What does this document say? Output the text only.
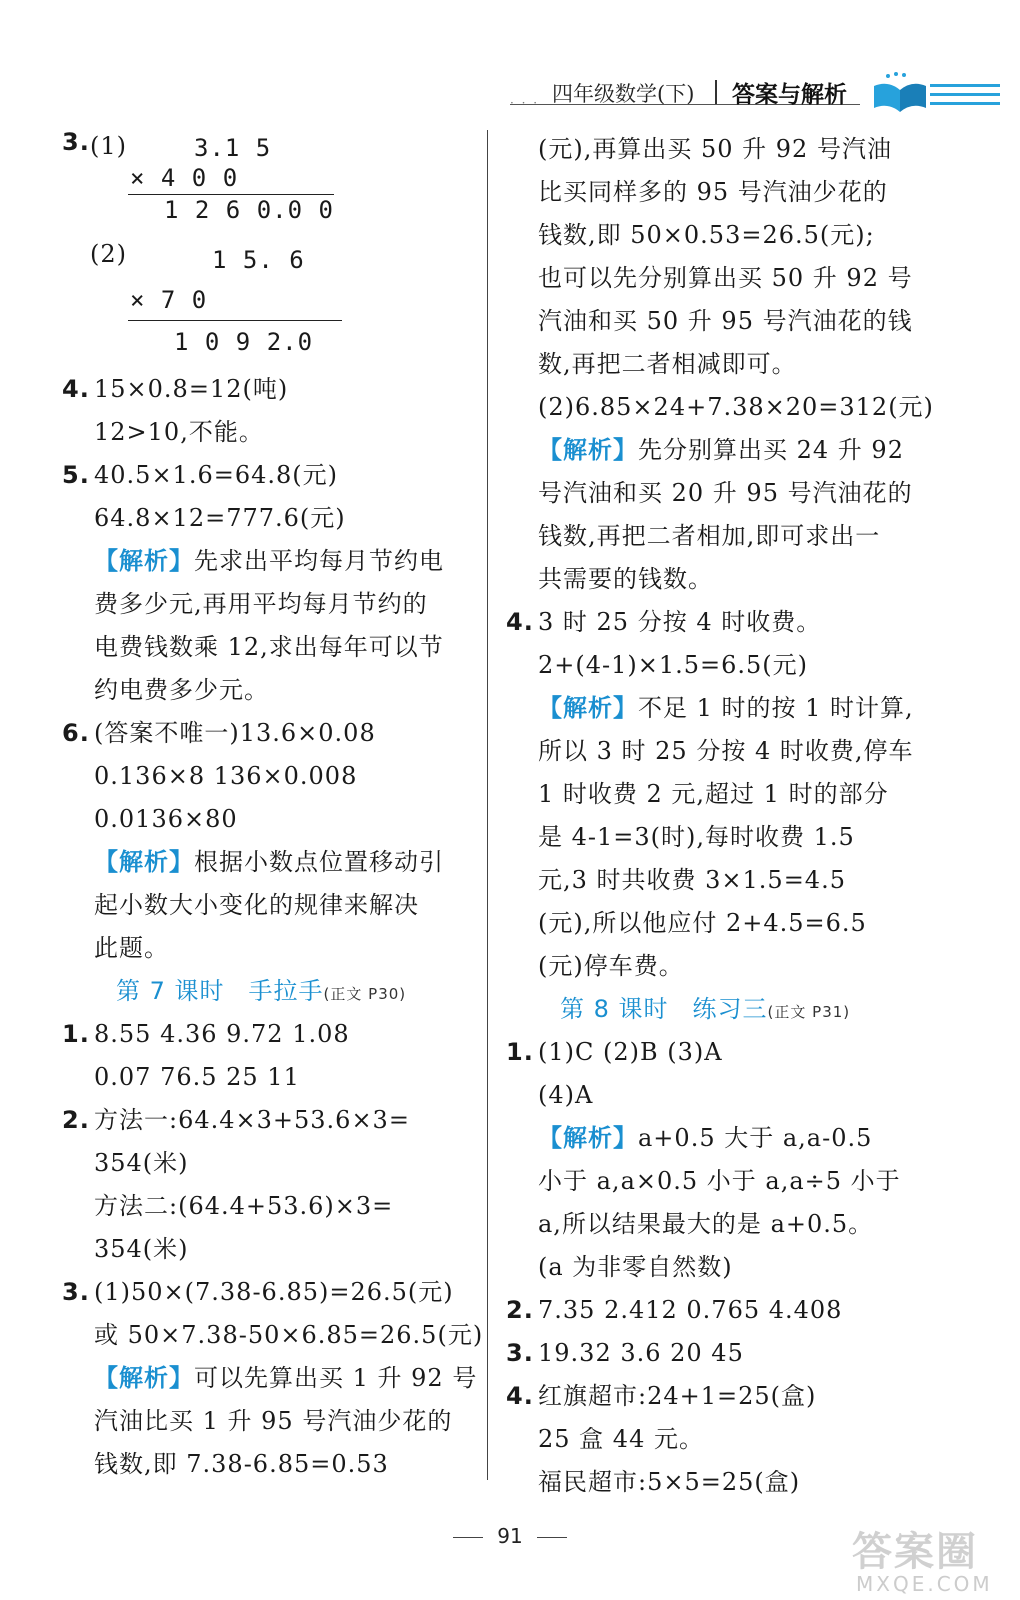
· · · 四年级数学(下) 答案与解析
3. (1)	3.1 5
× 4 0 0
1 2 6 0.0 0
(2)	1 5. 6
× 7 0
1 0 9 2.0
4. 15×0.8=12(吨)
12>10,不能。
5. 40.5×1.6=64.8(元)
64.8×12=777.6(元)
【解析】先求出平均每月节约电
费多少元,再用平均每月节约的
电费钱数乘 12,求出每年可以节
约电费多少元。
6. (答案不唯一)13.6×0.08
0.136×8 136×0.008
0.0136×80
【解析】根据小数点位置移动引
起小数大小变化的规律来解决
此题。
第 7 课时 手拉手(正文 P30)
1. 8.55 4.36 9.72 1.08
0.07 76.5 25 11
2. 方法一:64.4×3+53.6×3=
354(米)
方法二:(64.4+53.6)×3=
354(米)
3. (1)50×(7.38-6.85)=26.5(元)
或 50×7.38-50×6.85=26.5(元)
【解析】可以先算出买 1 升 92 号
汽油比买 1 升 95 号汽油少花的
钱数,即 7.38-6.85=0.53
(元),再算出买 50 升 92 号汽油
比买同样多的 95 号汽油少花的
钱数,即 50×0.53=26.5(元);
也可以先分别算出买 50 升 92 号
汽油和买 50 升 95 号汽油花的钱
数,再把二者相减即可。
(2)6.85×24+7.38×20=312(元)
【解析】先分别算出买 24 升 92
号汽油和买 20 升 95 号汽油花的
钱数,再把二者相加,即可求出一
共需要的钱数。
4. 3 时 25 分按 4 时收费。
2+(4-1)×1.5=6.5(元)
【解析】不足 1 时的按 1 时计算,
所以 3 时 25 分按 4 时收费,停车
1 时收费 2 元,超过 1 时的部分
是 4-1=3(时),每时收费 1.5
元,3 时共收费 3×1.5=4.5
(元),所以他应付 2+4.5=6.5
(元)停车费。
第 8 课时 练习三(正文 P31)
1. (1)C (2)B (3)A
(4)A
【解析】a+0.5 大于 a,a-0.5
小于 a,a×0.5 小于 a,a÷5 小于
a,所以结果最大的是 a+0.5。
(a 为非零自然数)
2. 7.35 2.412 0.765 4.408
3. 19.32 3.6 20 45
4. 红旗超市:24+1=25(盒)
25 盒 44 元。
福民超市:5×5=25(盒)
91	答案圈
MXQE.COM
